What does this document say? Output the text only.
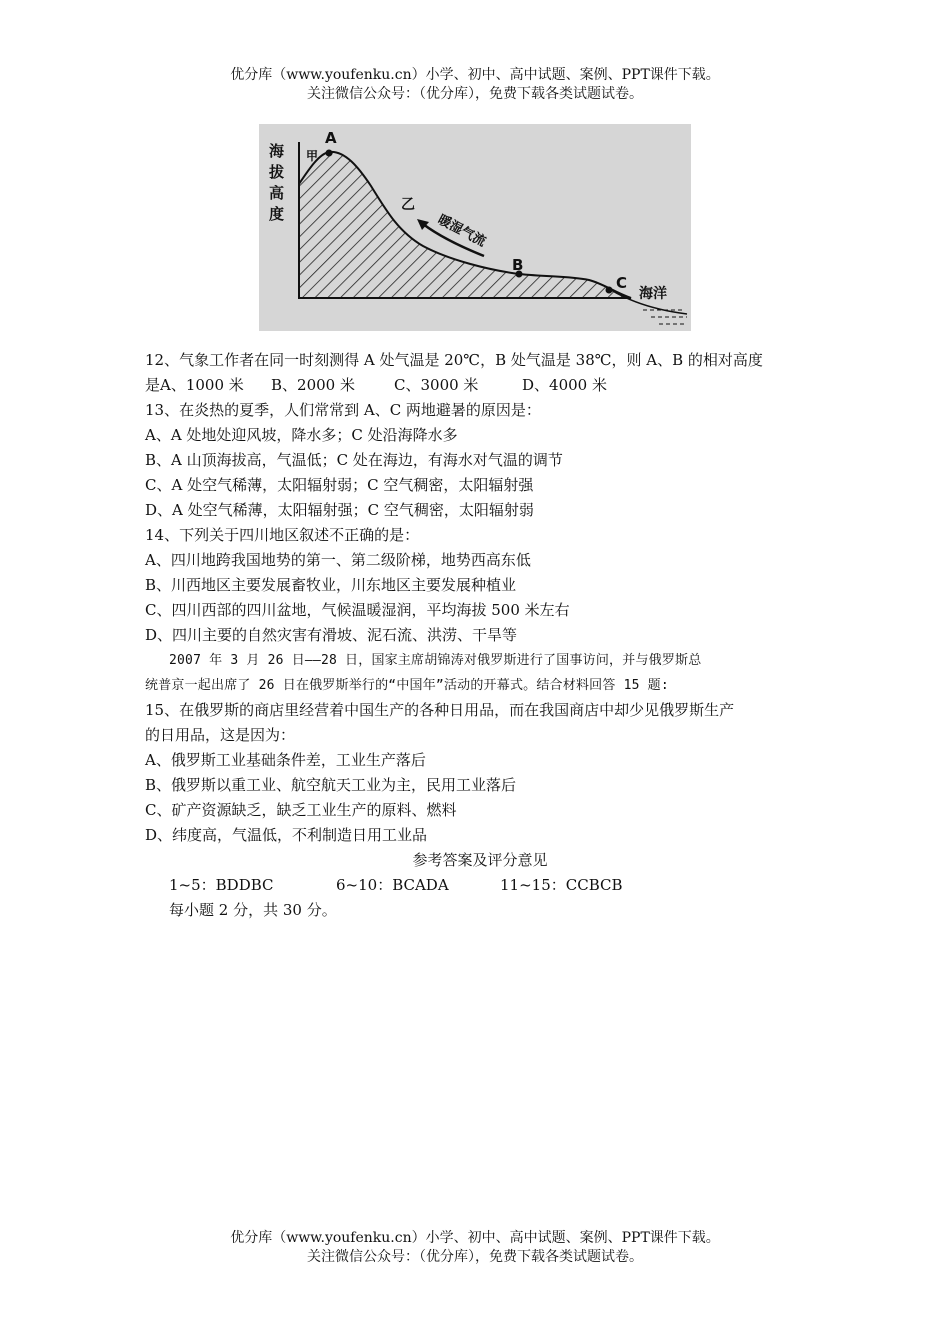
优分库（www.youfenku.cn）小学、初中、高中试题、案例、PPT课件下载。
关注微信公众号：（优分库），免费下载各类试题试卷。
海
拔
高
度
A
甲
乙
B
C
海洋
暖湿气流
12、气象工作者在同一时刻测得 A 处气温是 20℃，B 处气温是 38℃，则 A、B 的相对高度
是A、1000 米 B、2000 米	C、3000 米	D、4000 米
13、在炎热的夏季，人们常常到 A、C 两地避暑的原因是：
A、A 处地处迎风坡，降水多；C 处沿海降水多
B、A 山顶海拔高，气温低；C 处在海边，有海水对气温的调节
C、A 处空气稀薄，太阳辐射弱；C 空气稠密，太阳辐射强
D、A 处空气稀薄，太阳辐射强；C 空气稠密，太阳辐射弱
14、下列关于四川地区叙述不正确的是：
A、四川地跨我国地势的第一、第二级阶梯，地势西高东低
B、川西地区主要发展畜牧业，川东地区主要发展种植业
C、四川西部的四川盆地，气候温暖湿润，平均海拔 500 米左右
D、四川主要的自然灾害有滑坡、泥石流、洪涝、干旱等
2007 年 3 月 26 日——28 日，国家主席胡锦涛对俄罗斯进行了国事访问，并与俄罗斯总
统普京一起出席了 26 日在俄罗斯举行的“中国年”活动的开幕式。结合材料回答 15 题:
15、在俄罗斯的商店里经营着中国生产的各种日用品，而在我国商店中却少见俄罗斯生产
的日用品，这是因为：
A、俄罗斯工业基础条件差，工业生产落后
B、俄罗斯以重工业、航空航天工业为主，民用工业落后
C、矿产资源缺乏，缺乏工业生产的原料、燃料
D、纬度高，气温低，不利制造日用工业品
参考答案及评分意见
1~5：BDDBC	6~10：BCADA	11~15：CCBCB
每小题 2 分，共 30 分。
优分库（www.youfenku.cn）小学、初中、高中试题、案例、PPT课件下载。
关注微信公众号：（优分库），免费下载各类试题试卷。
